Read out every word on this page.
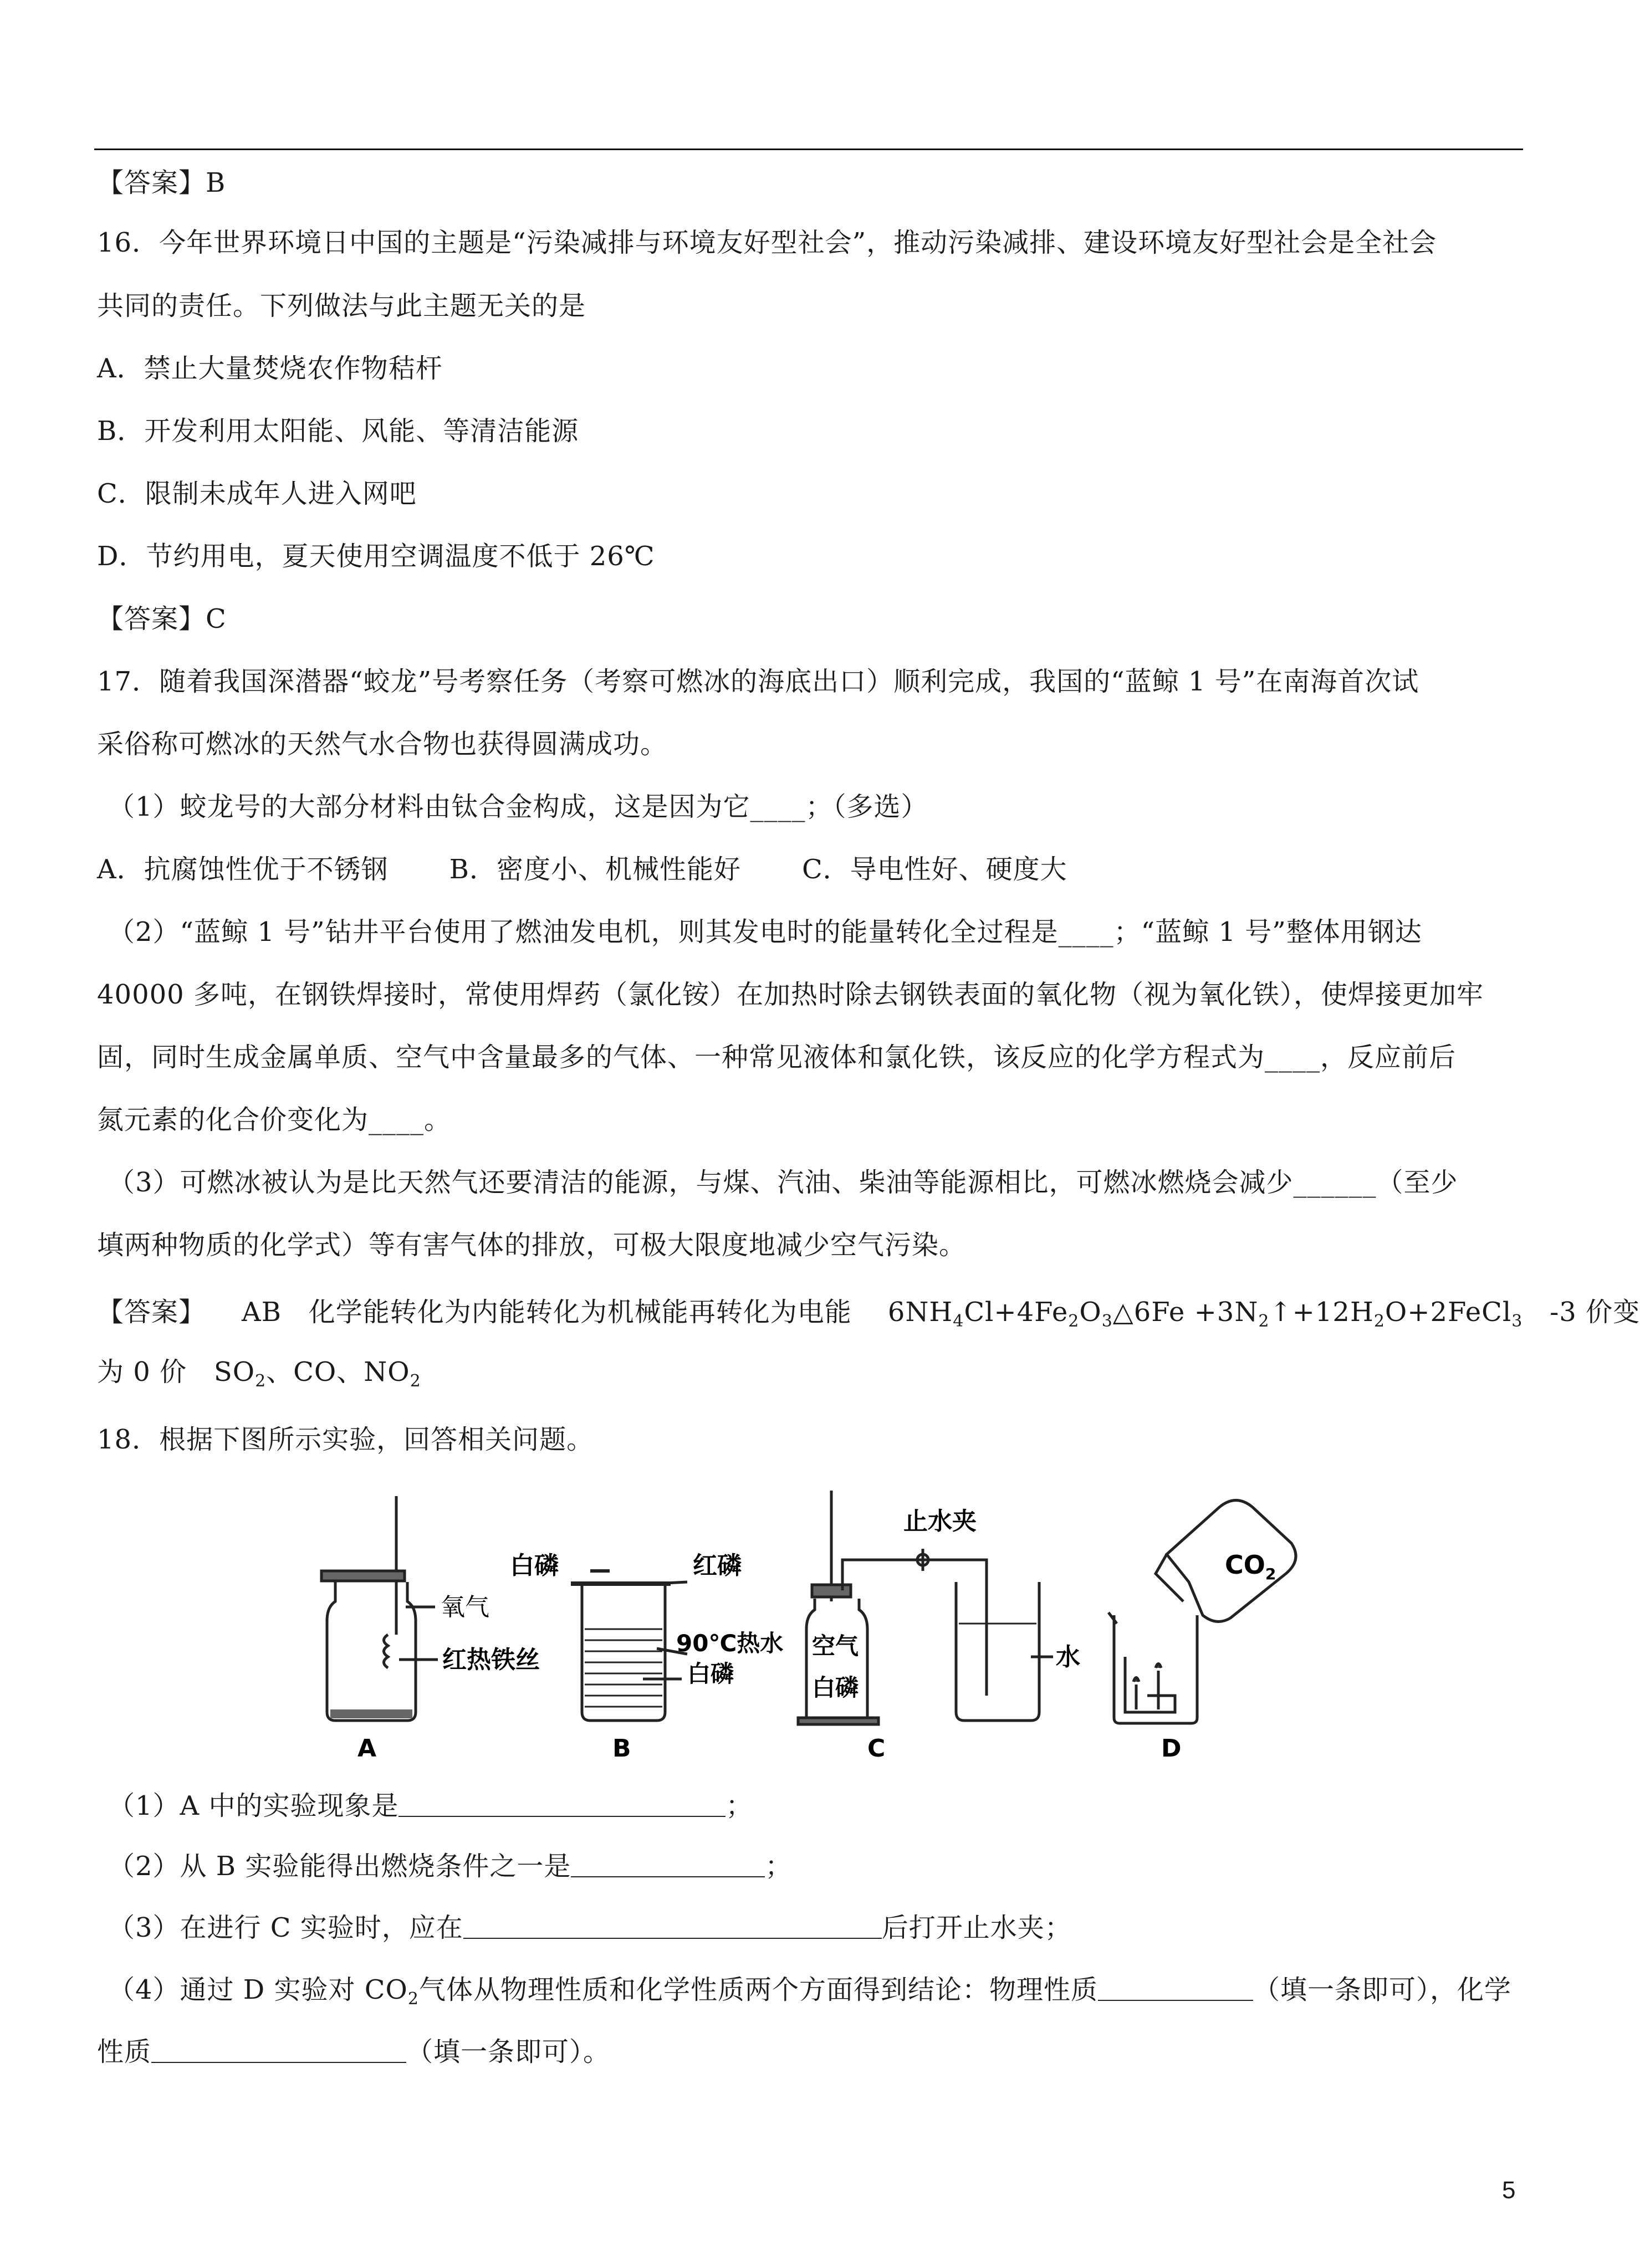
【答案】B
16．今年世界环境日中国的主题是“污染减排与环境友好型社会”，推动污染减排、建设环境友好型社会是全社会
共同的责任。下列做法与此主题无关的是
A．禁止大量焚烧农作物秸杆
B．开发利用太阳能、风能、等清洁能源
C．限制未成年人进入网吧
D．节约用电，夏天使用空调温度不低于 26℃
【答案】C
17．随着我国深潜器“蛟龙”号考察任务（考察可燃冰的海底出口）顺利完成，我国的“蓝鲸 1 号”在南海首次试
采俗称可燃冰的天然气水合物也获得圆满成功。
（1）蛟龙号的大部分材料由钛合金构成，这是因为它____；（多选）
A．抗腐蚀性优于不锈钢 B．密度小、机械性能好 C．导电性好、硬度大
（2）“蓝鲸 1 号”钻井平台使用了燃油发电机，则其发电时的能量转化全过程是____；“蓝鲸 1 号”整体用钢达
40000 多吨，在钢铁焊接时，常使用焊药（氯化铵）在加热时除去钢铁表面的氧化物（视为氧化铁），使焊接更加牢
固，同时生成金属单质、空气中含量最多的气体、一种常见液体和氯化铁，该反应的化学方程式为____，反应前后
氮元素的化合价变化为____。
（3）可燃冰被认为是比天然气还要清洁的能源，与煤、汽油、柴油等能源相比，可燃冰燃烧会减少______（至少
填两种物质的化学式）等有害气体的排放，可极大限度地减少空气污染。
【答案】 AB 化学能转化为内能转化为机械能再转化为电能 $6NH_4Cl+4Fe_2O_3\triangle 6Fe$ $+3N_2↑+12H_2O+2FeCl_3$ -3 价变
为 0 价 $SO_2$、CO、$NO_2$
18．根据下图所示实验，回答相关问题。
氧气
红热铁丝
A
白磷	红磷
90℃热水
白磷
B
止水夹
空气
白磷
水
C
$CO_2$
D
（1）A 中的实验现象是	；
（2）从 B 实验能得出燃烧条件之一是	；
（3）在进行 C 实验时，应在	后打开止水夹；
（4）通过 D 实验对 $CO_2$气体从物理性质和化学性质两个方面得到结论：物理性质	（填一条即可），化学
性质	（填一条即可）。
5
